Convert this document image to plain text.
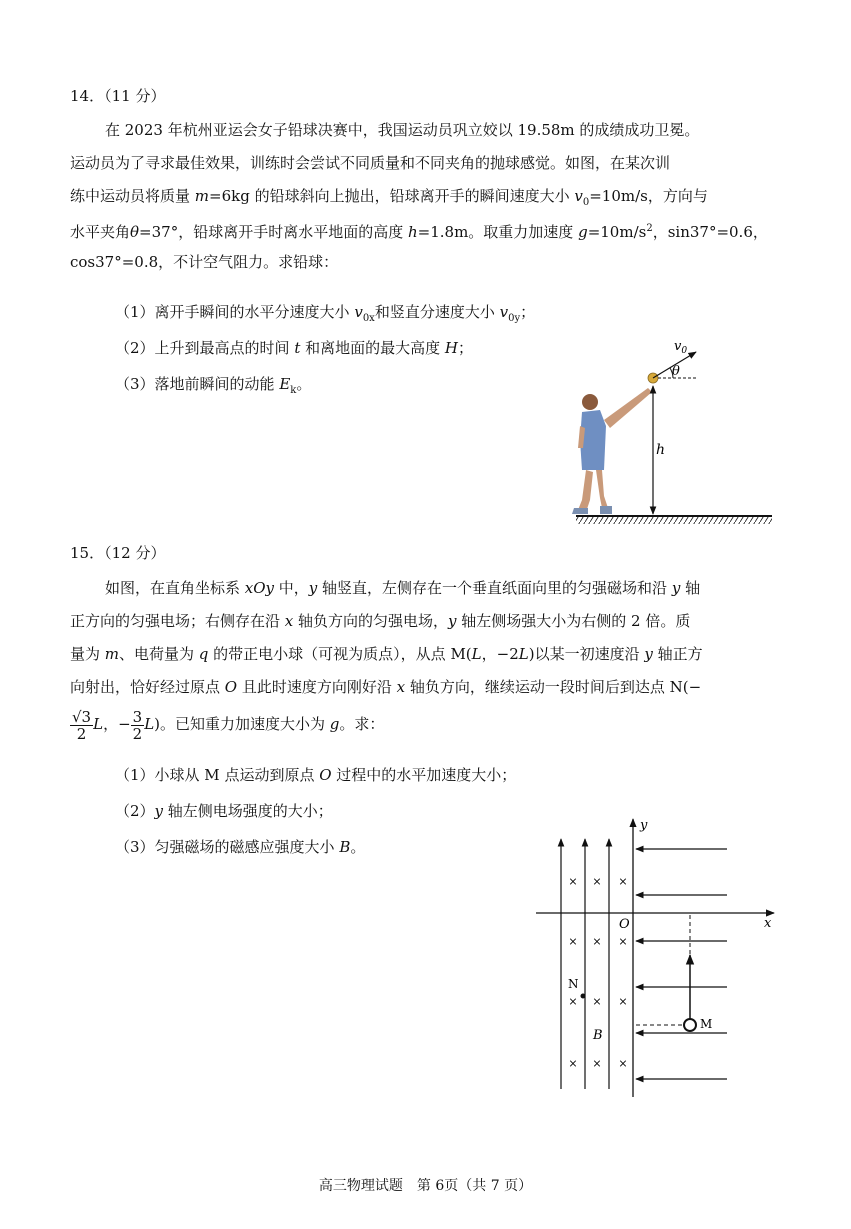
14．（11 分）
在 2023 年杭州亚运会女子铅球决赛中，我国运动员巩立姣以 19.58m 的成绩成功卫冕。
运动员为了寻求最佳效果，训练时会尝试不同质量和不同夹角的抛球感觉。如图，在某次训
练中运动员将质量 m=6kg 的铅球斜向上抛出，铅球离开手的瞬间速度大小 $v_0=10m/s$，方向与
水平夹角θ=37°，铅球离开手时离水平地面的高度 h=1.8m。取重力加速度 $g=10m/s^2$，sin37°=0.6，
cos37°=0.8，不计空气阻力。求铅球：
（1）离开手瞬间的水平分速度大小 $v_{0x}$和竖直分速度大小 $v_{0y}$；
（2）上升到最高点的时间 t 和离地面的最大高度 H；
（3）落地前瞬间的动能 $E_k$。
$v_0$
θ
h
15．（12 分）
如图，在直角坐标系 xOy 中，y 轴竖直，左侧存在一个垂直纸面向里的匀强磁场和沿 y 轴
正方向的匀强电场；右侧存在沿 x 轴负方向的匀强电场，y 轴左侧场强大小为右侧的 2 倍。质
量为 m、电荷量为 q 的带正电小球（可视为质点），从点 M(L，−2L)以某一初速度沿 y 轴正方
向射出，恰好经过原点 O 且此时速度方向刚好沿 x 轴负方向，继续运动一段时间后到达点 N(−
$\frac{√3}{2}$ L，− $\frac{3}{2} L$)。已知重力加速度大小为 g。求：
（1）小球从 M 点运动到原点 O 过程中的水平加速度大小；
（2）y 轴左侧电场强度的大小；
（3）匀强磁场的磁感应强度大小 B。
y
x
O
× × ×
× × ×
× × ×
× × ×
M
N
B
高三物理试题　第 6页（共 7 页）
